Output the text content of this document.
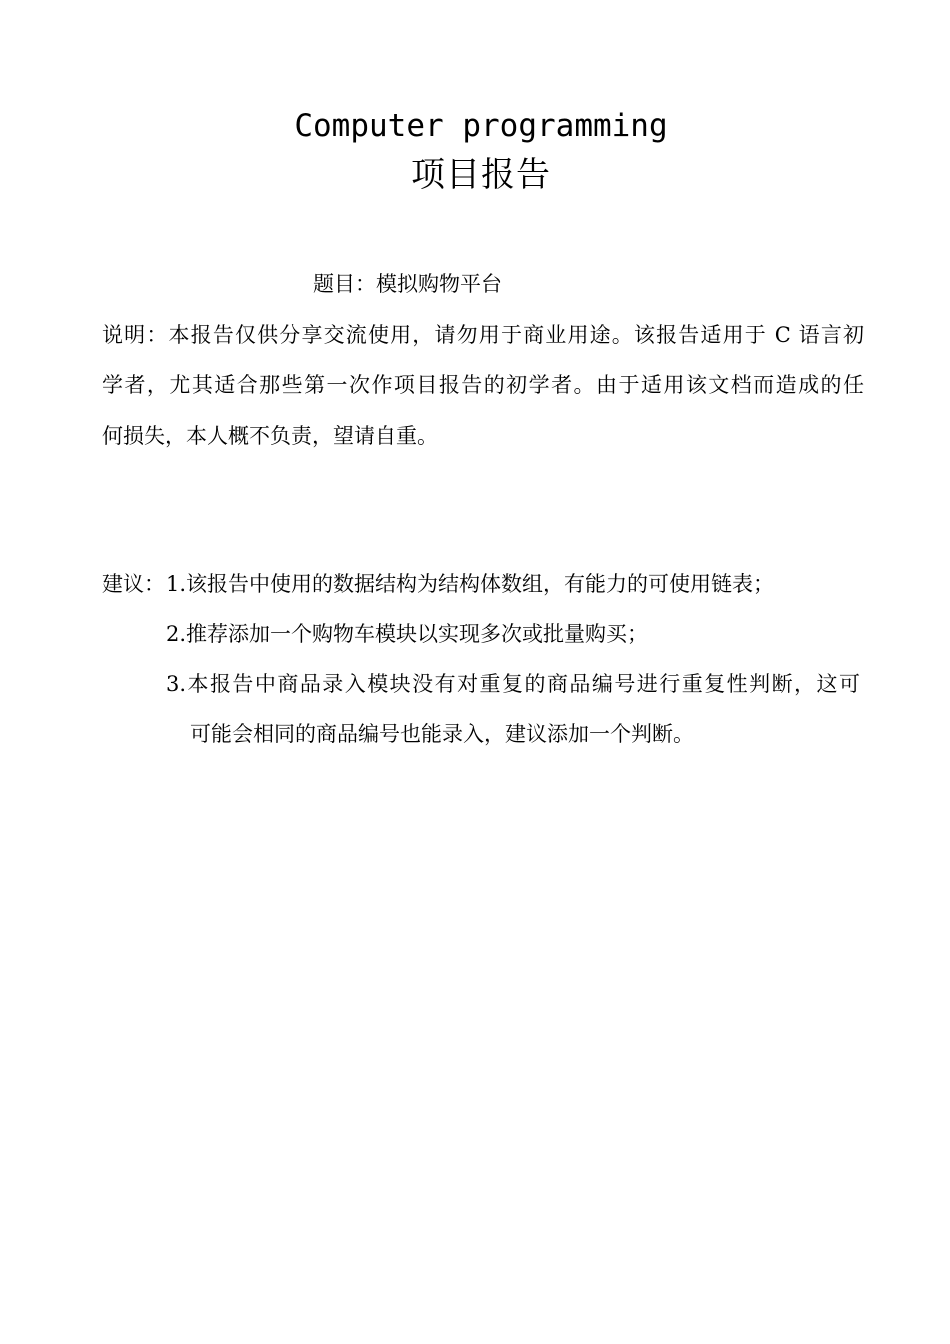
Computer programming
项目报告
题目：模拟购物平台
说明：本报告仅供分享交流使用，请勿用于商业用途。该报告适用于 C 语言初
学者，尤其适合那些第一次作项目报告的初学者。由于适用该文档而造成的任
何损失，本人概不负责，望请自重。
建议： 1.该报告中使用的数据结构为结构体数组，有能力的可使用链表；
2.推荐添加一个购物车模块以实现多次或批量购买；
3.本报告中商品录入模块没有对重复的商品编号进行重复性判断，这可
可能会相同的商品编号也能录入，建议添加一个判断。
